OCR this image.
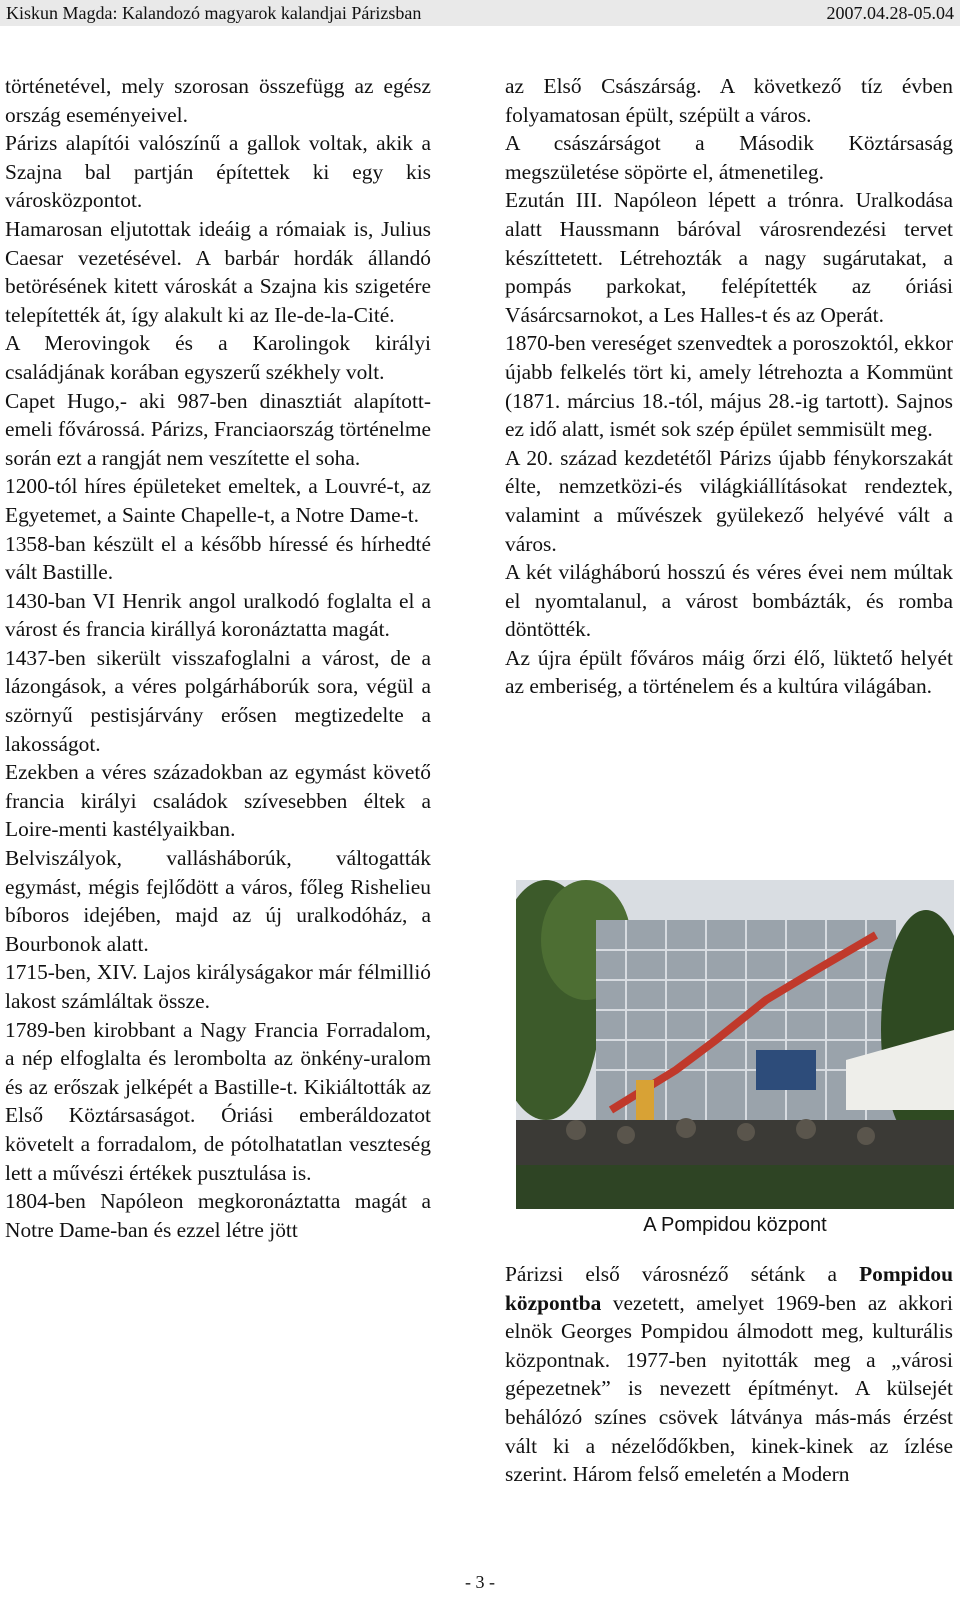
Kiskun Magda: Kalandozó magyarok kalandjai Párizsban	2007.04.28-05.04

történetével, mely szorosan összefügg az egész ország eseményeivel.

Párizs alapítói valószínű a gallok voltak, akik a Szajna bal partján építettek ki egy kis városközpontot.

Hamarosan eljutottak ideáig a rómaiak is, Julius Caesar vezetésével. A barbár hordák állandó betörésének kitett városkát a Szajna kis szigetére telepítették át, így alakult ki az Ile-de-la-Cité.

A Merovingok és a Karolingok királyi családjának korában egyszerű székhely volt.

Capet Hugo,- aki 987-ben dinasztiát alapított- emeli fővárossá. Párizs, Franciaország történelme során ezt a rangját nem veszítette el soha.

1200-tól híres épületeket emeltek, a Louvré-t, az Egyetemet, a Sainte Chapelle-t, a Notre Dame-t.

1358-ban készült el a később híressé és hírhedté vált Bastille.

1430-ban VI Henrik angol uralkodó foglalta el a várost és francia királlyá koronáztatta magát.

1437-ben sikerült visszafoglalni a várost, de a lázongások, a véres polgárháborúk sora, végül a szörnyű pestisjárvány erősen megtizedelte a lakosságot.

Ezekben a véres századokban az egymást követő francia királyi családok szívesebben éltek a Loire-menti kastélyaikban.

Belviszályok, vallásháborúk, váltogatták egymást, mégis fejlődött a város, főleg Rishelieu bíboros idejében, majd az új uralkodóház, a Bourbonok alatt.

1715-ben, XIV. Lajos királyságakor már félmillió lakost számláltak össze.

1789-ben kirobbant a Nagy Francia Forradalom, a nép elfoglalta és lerombolta az önkény-uralom és az erőszak jelképét a Bastille-t. Kikiáltották az Első Köztársaságot. Óriási emberáldozatot követelt a forradalom, de pótolhatatlan veszteség lett a művészi értékek pusztulása is.

1804-ben Napóleon megkoronáztatta magát a Notre Dame-ban és ezzel létre jött

az Első Császárság. A következő tíz évben folyamatosan épült, szépült a város.

A császárságot a Második Köztársaság megszületése söpörte el, átmenetileg.

Ezután III. Napóleon lépett a trónra. Uralkodása alatt Haussmann báróval városrendezési tervet készíttetett. Létrehozták a nagy sugárutakat, a pompás parkokat, felépítették az óriási Vásárcsarnokot, a Les Halles-t és az Operát.

1870-ben vereséget szenvedtek a poroszoktól, ekkor újabb felkelés tört ki, amely létrehozta a Kommünt (1871. március 18.-tól, május 28.-ig tartott). Sajnos ez idő alatt, ismét sok szép épület semmisült meg.

A 20. század kezdetétől Párizs újabb fénykorszakát élte, nemzetközi-és világkiállításokat rendeztek, valamint a művészek gyülekező helyévé vált a város.

A két világháború hosszú és véres évei nem múltak el nyomtalanul, a várost bombázták, és romba döntötték.

Az újra épült főváros máig őrzi élő, lüktető helyét az emberiség, a történelem és a kultúra világában.

A Pompidou központ
Párizsi első városnéző sétánk a Pompidou központba vezetett, amelyet 1969-ben az akkori elnök Georges Pompidou álmodott meg, kulturális központnak. 1977-ben nyitották meg a „városi gépezetnek” is nevezett építményt. A külsejét behálózó színes csövek látványa más-más érzést vált ki a nézelődőkben, kinek-kinek az ízlése szerint. Három felső emeletén a Modern
- 3 -
